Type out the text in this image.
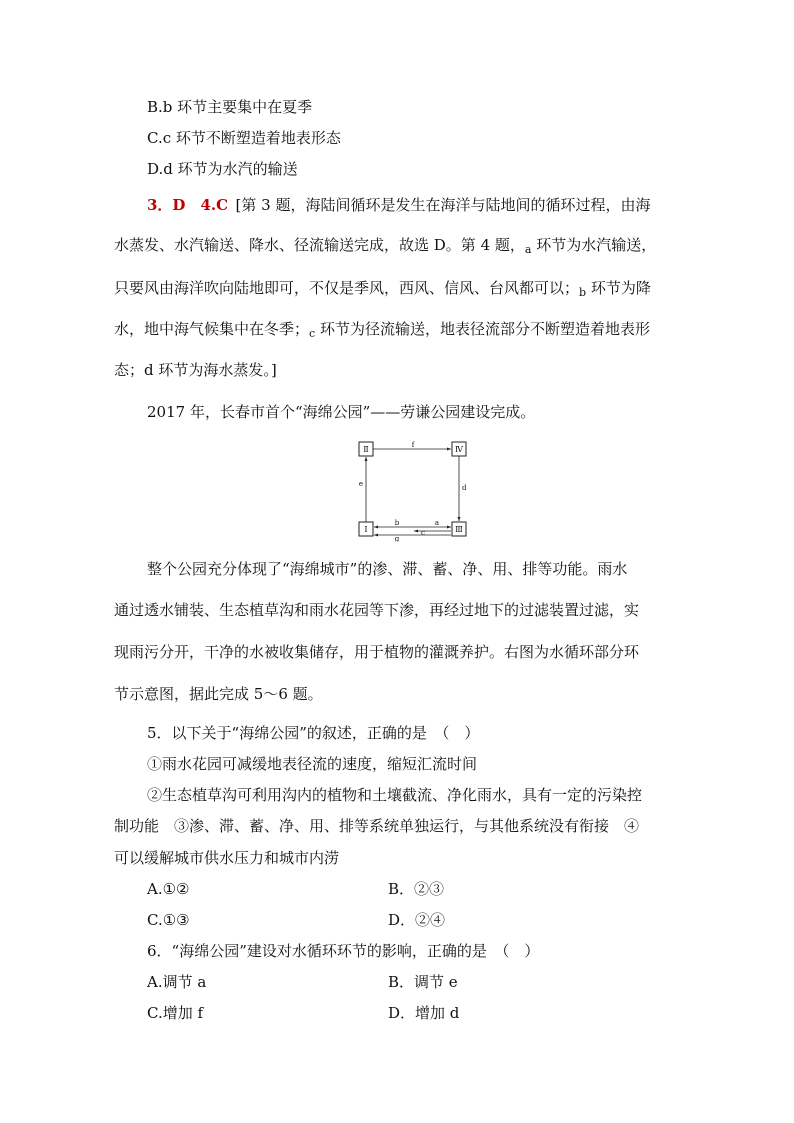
B.b 环节主要集中在夏季
C.c 环节不断塑造着地表形态
D.d 环节为水汽的输送
3．D　4.C  [第 3 题，海陆间循环是发生在海洋与陆地间的循环过程，由海
水蒸发、水汽输送、降水、径流输送完成，故选 D。第 4 题，$_a$ 环节为水汽输送，
只要风由海洋吹向陆地即可，不仅是季风，西风、信风、台风都可以；$_b$ 环节为降
水，地中海气候集中在冬季；$_c$ 环节为径流输送，地表径流部分不断塑造着地表形
态；d 环节为海水蒸发。]
2017 年，长春市首个“海绵公园”——劳谦公园建设完成。
Ⅱ	Ⅳ
Ⅰ	Ⅲ
f
d
e
a
b
c
g
整个公园充分体现了“海绵城市”的渗、滞、蓄、净、用、排等功能。雨水
通过透水铺装、生态植草沟和雨水花园等下渗，再经过地下的过滤装置过滤，实
现雨污分开，干净的水被收集储存，用于植物的灌溉养护。右图为水循环部分环
节示意图，据此完成 5～6 题。
5．以下关于“海绵公园”的叙述，正确的是　（　）
①雨水花园可减缓地表径流的速度，缩短汇流时间
②生态植草沟可利用沟内的植物和土壤截流、净化雨水，具有一定的污染控
制功能　③渗、滞、蓄、净、用、排等系统单独运行，与其他系统没有衔接　④
可以缓解城市供水压力和城市内涝
A.①②	B．②③
C.①③	D．②④
6．“海绵公园”建设对水循环环节的影响，正确的是　（　）
A.调节 a	B．调节 e
C.增加 f	D．增加 d
